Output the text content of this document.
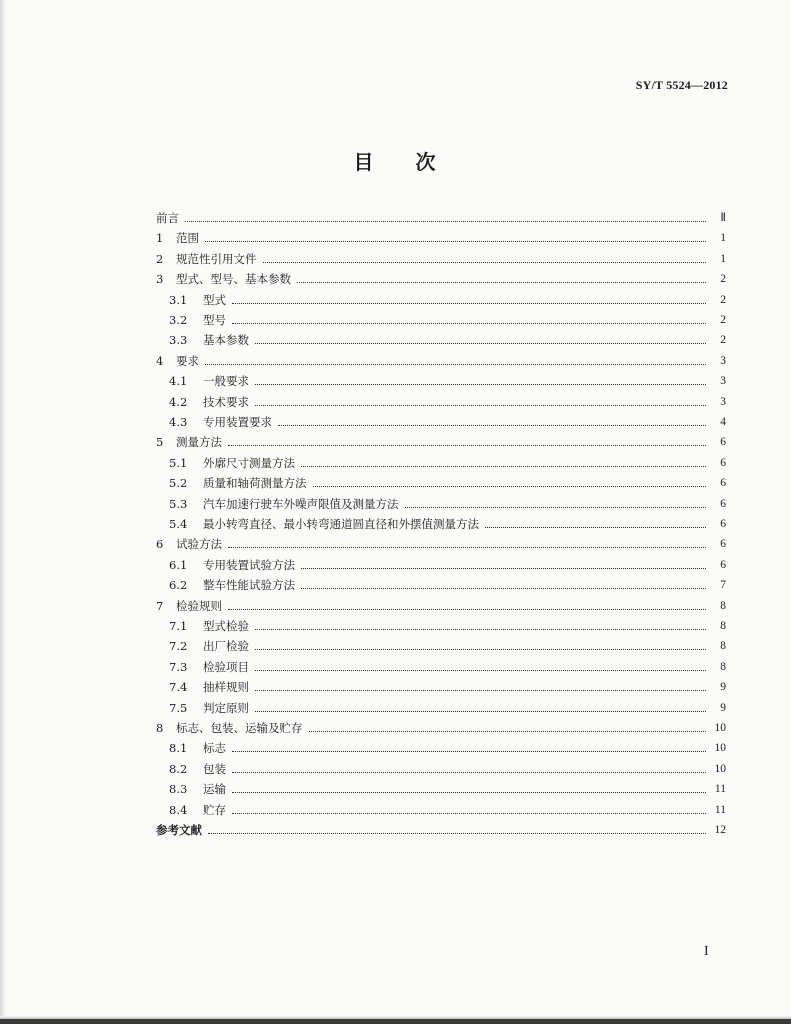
SY/T 5524—2012
目 次
前言	Ⅱ
1	范围	1
2	规范性引用文件	1
3	型式、型号、基本参数	2
3.1	型式	2
3.2	型号	2
3.3	基本参数	2
4	要求	3
4.1	一般要求	3
4.2	技术要求	3
4.3	专用装置要求	4
5	测量方法	6
5.1	外廓尺寸测量方法	6
5.2	质量和轴荷测量方法	6
5.3	汽车加速行驶车外噪声限值及测量方法	6
5.4	最小转弯直径、最小转弯通道圆直径和外摆值测量方法	6
6	试验方法	6
6.1	专用装置试验方法	6
6.2	整车性能试验方法	7
7	检验规则	8
7.1	型式检验	8
7.2	出厂检验	8
7.3	检验项目	8
7.4	抽样规则	9
7.5	判定原则	9
8	标志、包装、运输及贮存	10
8.1	标志	10
8.2	包装	10
8.3	运输	11
8.4	贮存	11
参考文献	12
I
